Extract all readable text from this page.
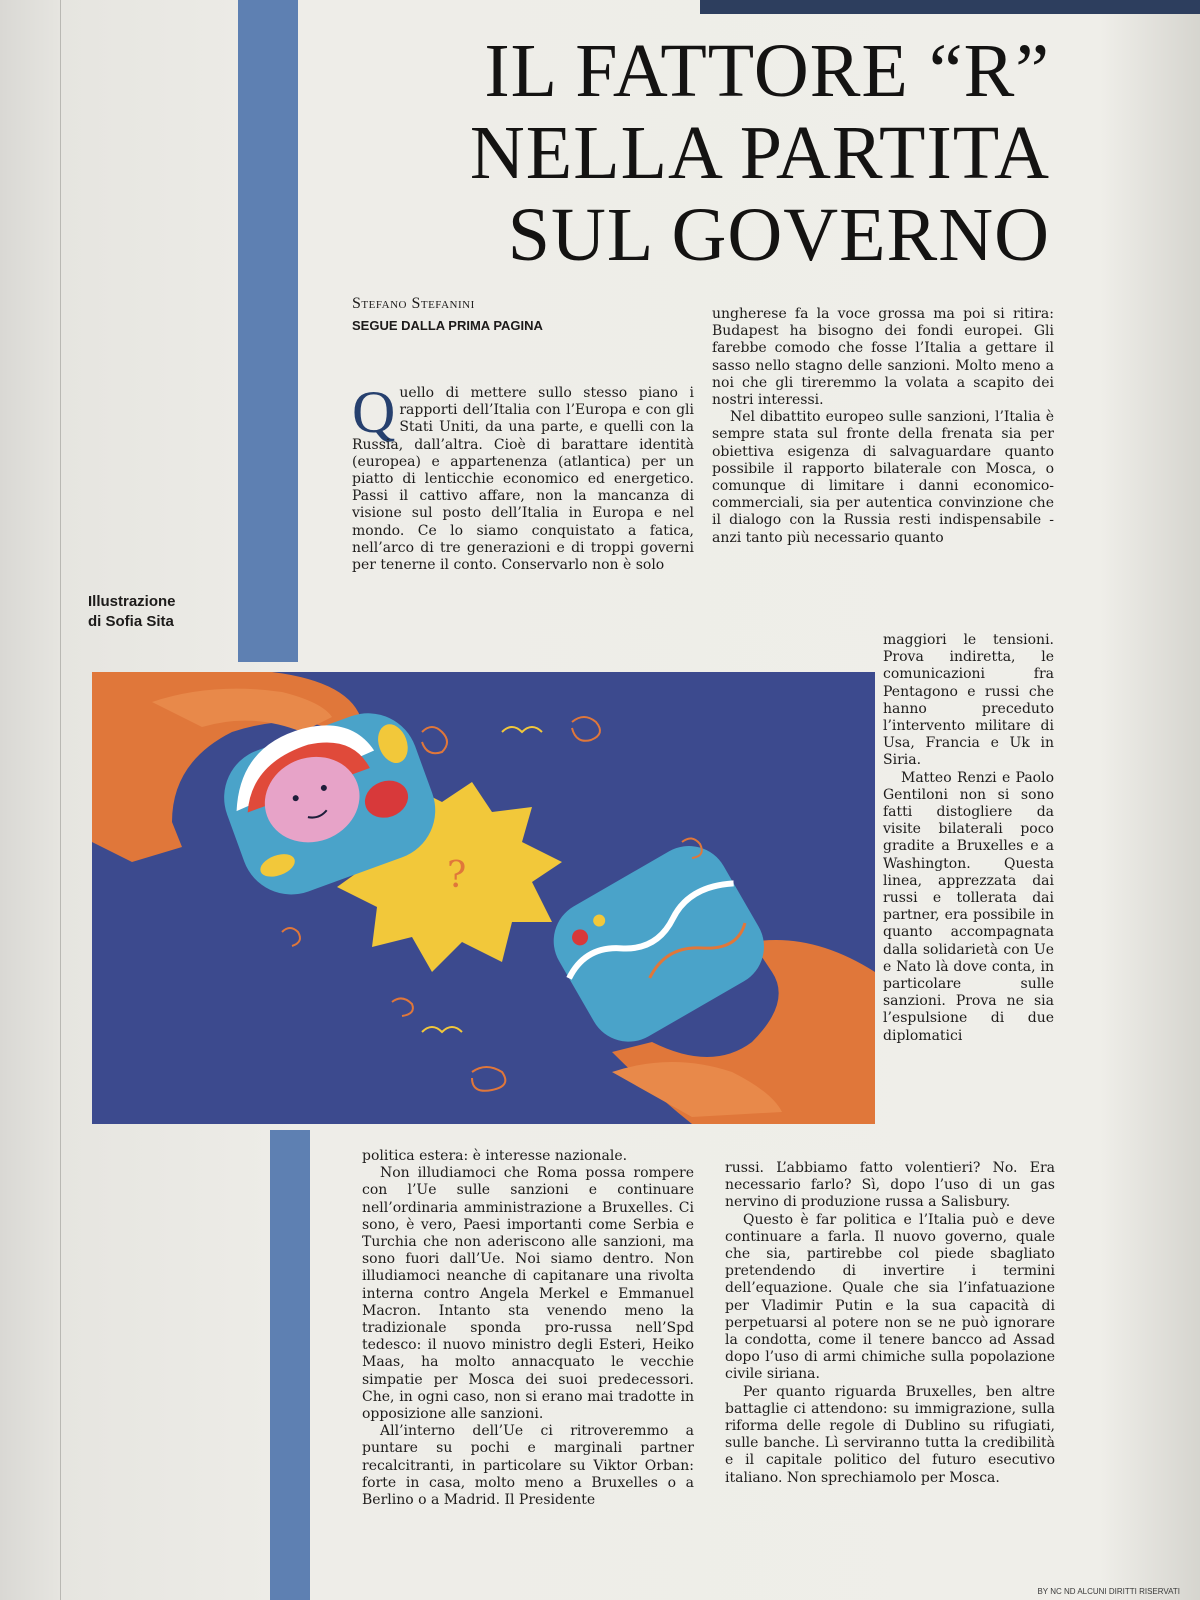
IL FATTORE “R”
NELLA PARTITA
SUL GOVERNO
Stefano Stefanini
SEGUE DALLA PRIMA PAGINA
Illustrazione
di Sofia Sita

Quello di mettere sullo stesso piano i rapporti dell’Italia con l’Europa e con gli Stati Uniti, da una parte, e quelli con la Russia, dall’altra. Cioè di barattare identità (europea) e appartenenza (atlantica) per un piatto di lenticchie economico ed energetico. Passi il cattivo affare, non la mancanza di visione sul posto dell’Italia in Europa e nel mondo. Ce lo siamo conquistato a fatica, nell’arco di tre generazioni e di troppi governi per tenerne il conto. Conservarlo non è solo

ungherese fa la voce grossa ma poi si ritira: Budapest ha bisogno dei fondi europei. Gli farebbe comodo che fosse l’Italia a gettare il sasso nello stagno delle sanzioni. Molto meno a noi che gli tireremmo la volata a scapito dei nostri interessi.

Nel dibattito europeo sulle sanzioni, l’Italia è sempre stata sul fronte della frenata sia per obiettiva esigenza di salvaguardare quanto possibile il rapporto bilaterale con Mosca, o comunque di limitare i danni economico-commerciali, sia per autentica convinzione che il dialogo con la Russia resti indispensabile - anzi tanto più necessario quanto

maggiori le tensioni. Prova indiretta, le comunicazioni fra Pentagono e russi che hanno preceduto l’intervento militare di Usa, Francia e Uk in Siria.

Matteo Renzi e Paolo Gentiloni non si sono fatti distogliere da visite bilaterali poco gradite a Bruxelles e a Washington. Questa linea, apprezzata dai russi e tollerata dai partner, era possibile in quanto accompagnata dalla solidarietà con Ue e Nato là dove conta, in particolare sulle sanzioni. Prova ne sia l’espulsione di due diplomatici

?

politica estera: è interesse nazionale.

Non illudiamoci che Roma possa rompere con l’Ue sulle sanzioni e continuare nell’ordinaria amministrazione a Bruxelles. Ci sono, è vero, Paesi importanti come Serbia e Turchia che non aderiscono alle sanzioni, ma sono fuori dall’Ue. Noi siamo dentro. Non illudiamoci neanche di capitanare una rivolta interna contro Angela Merkel e Emmanuel Macron. Intanto sta venendo meno la tradizionale sponda pro-russa nell’Spd tedesco: il nuovo ministro degli Esteri, Heiko Maas, ha molto annacquato le vecchie simpatie per Mosca dei suoi predecessori. Che, in ogni caso, non si erano mai tradotte in opposizione alle sanzioni.

All’interno dell’Ue ci ritroveremmo a puntare su pochi e marginali partner recalcitranti, in particolare su Viktor Orban: forte in casa, molto meno a Bruxelles o a Berlino o a Madrid. Il Presidente

russi. L’abbiamo fatto volentieri? No. Era necessario farlo? Sì, dopo l’uso di un gas nervino di produzione russa a Salisbury.

Questo è far politica e l’Italia può e deve continuare a farla. Il nuovo governo, quale che sia, partirebbe col piede sbagliato pretendendo di invertire i termini dell’equazione. Quale che sia l’infatuazione per Vladimir Putin e la sua capacità di perpetuarsi al potere non se ne può ignorare la condotta, come il tenere bancco ad Assad dopo l’uso di armi chimiche sulla popolazione civile siriana.

Per quanto riguarda Bruxelles, ben altre battaglie ci attendono: su immigrazione, sulla riforma delle regole di Dublino su rifugiati, sulle banche. Lì serviranno tutta la credibilità e il capitale politico del futuro esecutivo italiano. Non sprechiamolo per Mosca.

BY NC ND ALCUNI DIRITTI RISERVATI
